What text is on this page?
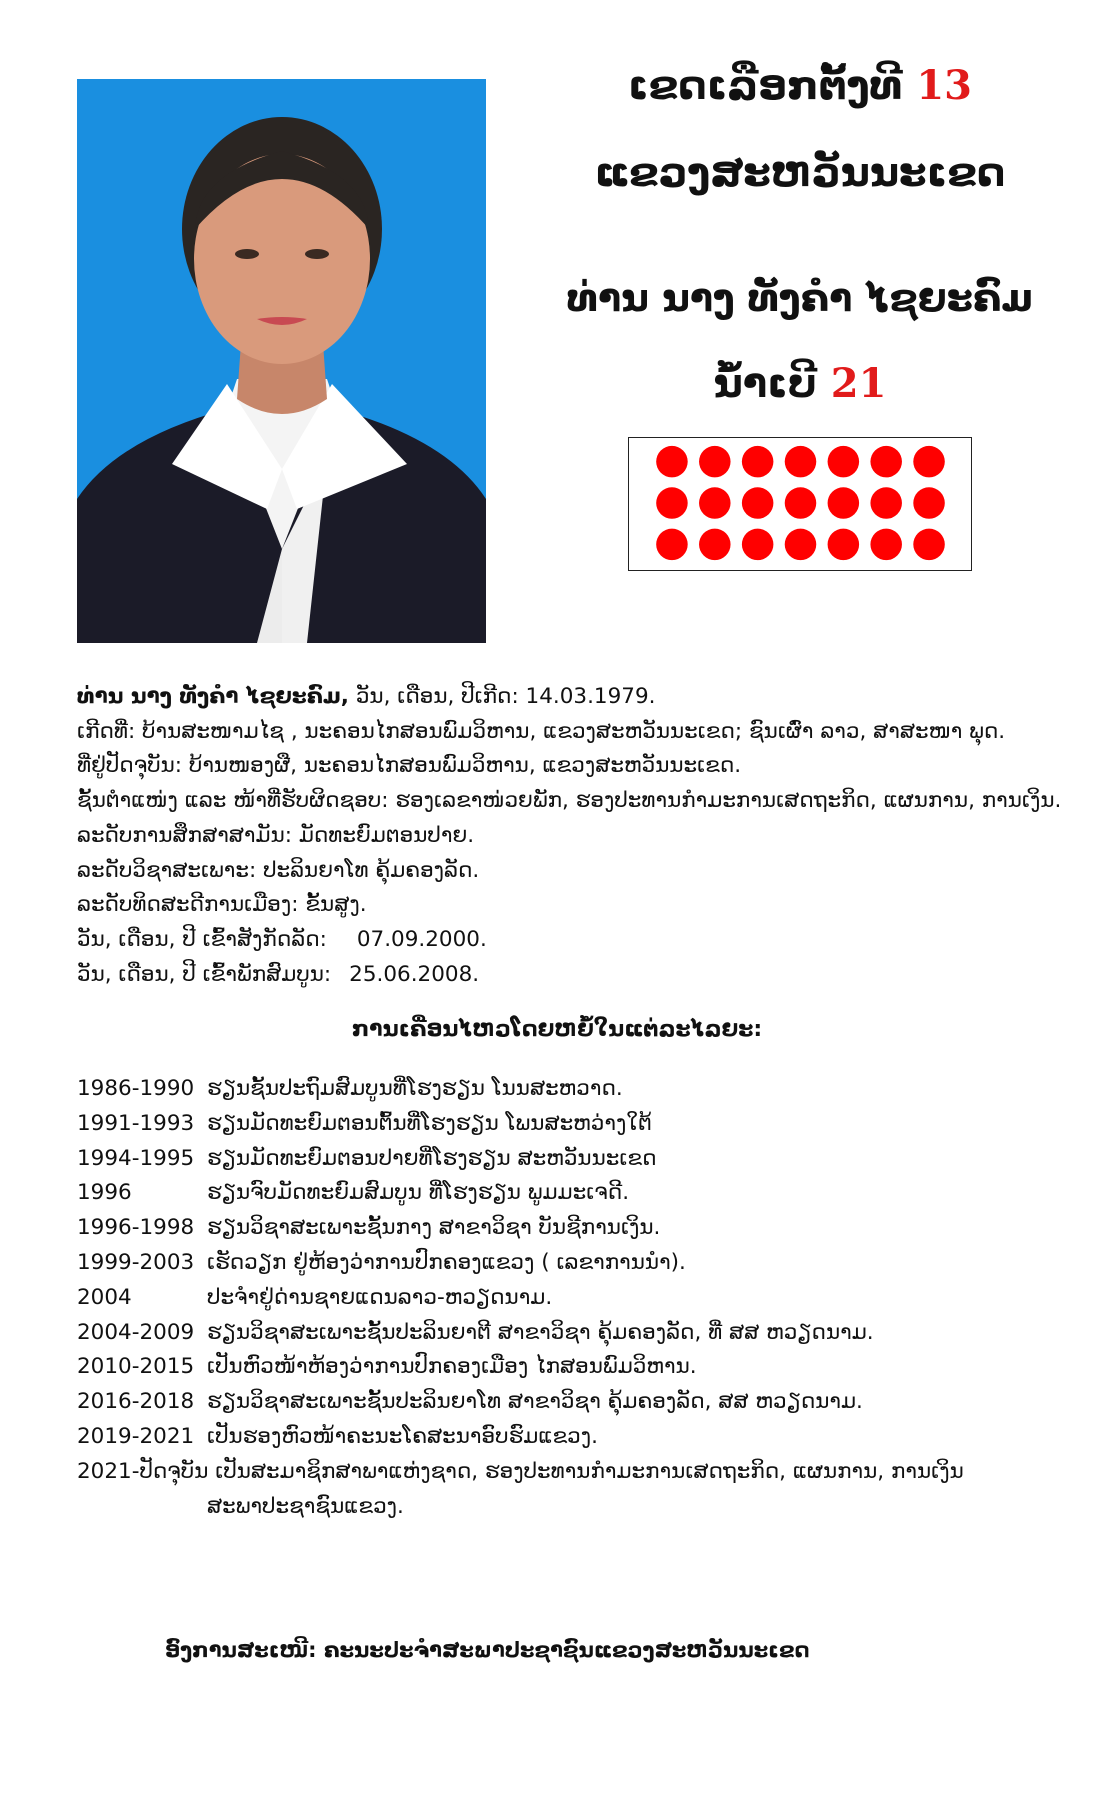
ເຂດເລືອກຕັ້ງທີ 13
ແຂວງສະຫວັນນະເຂດ
ທ່ານ ນາງ ທັງຄຳ ໄຊຍະຄົມ
ນໍ້າເບີ 21
ທ່ານ ນາງ ທັງຄຳ ໄຊຍະຄົມ, ວັນ, ເດືອນ, ປີເກີດ: 14.03.1979.
ເກີດທີ່: ບ້ານສະໜາມໄຊ , ນະຄອນໄກສອນພົມວິຫານ, ແຂວງສະຫວັນນະເຂດ; ຊົນເຜົ່າ ລາວ, ສາສະໜາ ພຸດ.
ທີ່ຢູ່ປັດຈຸບັນ: ບ້ານໜອງຜື, ນະຄອນໄກສອນພົມວິຫານ, ແຂວງສະຫວັນນະເຂດ.
ຊັ້ນຕຳແໜ່ງ ແລະ ໜ້າທີ່ຮັບຜິດຊອບ: ຮອງເລຂາໜ່ວຍພັກ, ຮອງປະທານກຳມະການເສດຖະກິດ, ແຜນການ, ການເງິນ.
ລະດັບການສຶກສາສາມັນ: ມັດທະຍົມຕອນປາຍ.
ລະດັບວິຊາສະເພາະ: ປະລິນຍາໂທ ຄຸ້ມຄອງລັດ.
ລະດັບທິດສະດີການເມືອງ: ຂັ້ນສູງ.
ວັນ, ເດືອນ, ປີ ເຂົ້າສັງກັດລັດ: 07.09.2000.
ວັນ, ເດືອນ, ປີ ເຂົ້າພັກສົມບູນ: 25.06.2008.
ການເຄື່ອນໄຫວໂດຍຫຍໍ້ໃນແຕ່ລະໄລຍະ:
1986-1990 ຮຽນຊັ້ນປະຖົມສົມບູນທີ່ໂຮງຮຽນ ໂນນສະຫວາດ.
1991-1993 ຮຽນມັດທະຍົມຕອນຕົ້ນທີ່ໂຮງຮຽນ ໂພນສະຫວ່າງໃຕ້
1994-1995 ຮຽນມັດທະຍົມຕອນປາຍທີ່ໂຮງຮຽນ ສະຫວັນນະເຂດ
1996	ຮຽນຈົບມັດທະຍົມສົມບູນ ທີ່ໂຮງຮຽນ ພູມມະເຈດີ.
1996-1998 ຮຽນວິຊາສະເພາະຊັ້ນກາງ ສາຂາວິຊາ ບັນຊີການເງິນ.
1999-2003 ເຮັດວຽກ ຢູ່ຫ້ອງວ່າການປົກຄອງແຂວງ ( ເລຂາການນຳ).
2004	ປະຈຳຢູ່ດ່ານຊາຍແດນລາວ-ຫວຽດນາມ.
2004-2009 ຮຽນວິຊາສະເພາະຊັ້ນປະລິນຍາຕີ ສາຂາວິຊາ ຄຸ້ມຄອງລັດ, ທີ່ ສສ ຫວຽດນາມ.
2010-2015 ເປັນຫົວໜ້າຫ້ອງວ່າການປົກຄອງເມືອງ ໄກສອນພົມວິຫານ.
2016-2018 ຮຽນວິຊາສະເພາະຊັ້ນປະລິນຍາໂທ ສາຂາວິຊາ ຄຸ້ມຄອງລັດ, ສສ ຫວຽດນາມ.
2019-2021 ເປັນຮອງຫົວໜ້າຄະນະໂຄສະນາອົບຮົມແຂວງ.
2021-ປັດຈຸບັນ
ເປັນສະມາຊິກສາພາແຫ່ງຊາດ, ຮອງປະທານກຳມະການເສດຖະກິດ, ແຜນການ, ການເງິນ
ສະພາປະຊາຊົນແຂວງ.
ອົງການສະເໜີ: ຄະນະປະຈຳສະພາປະຊາຊົນແຂວງສະຫວັນນະເຂດ
